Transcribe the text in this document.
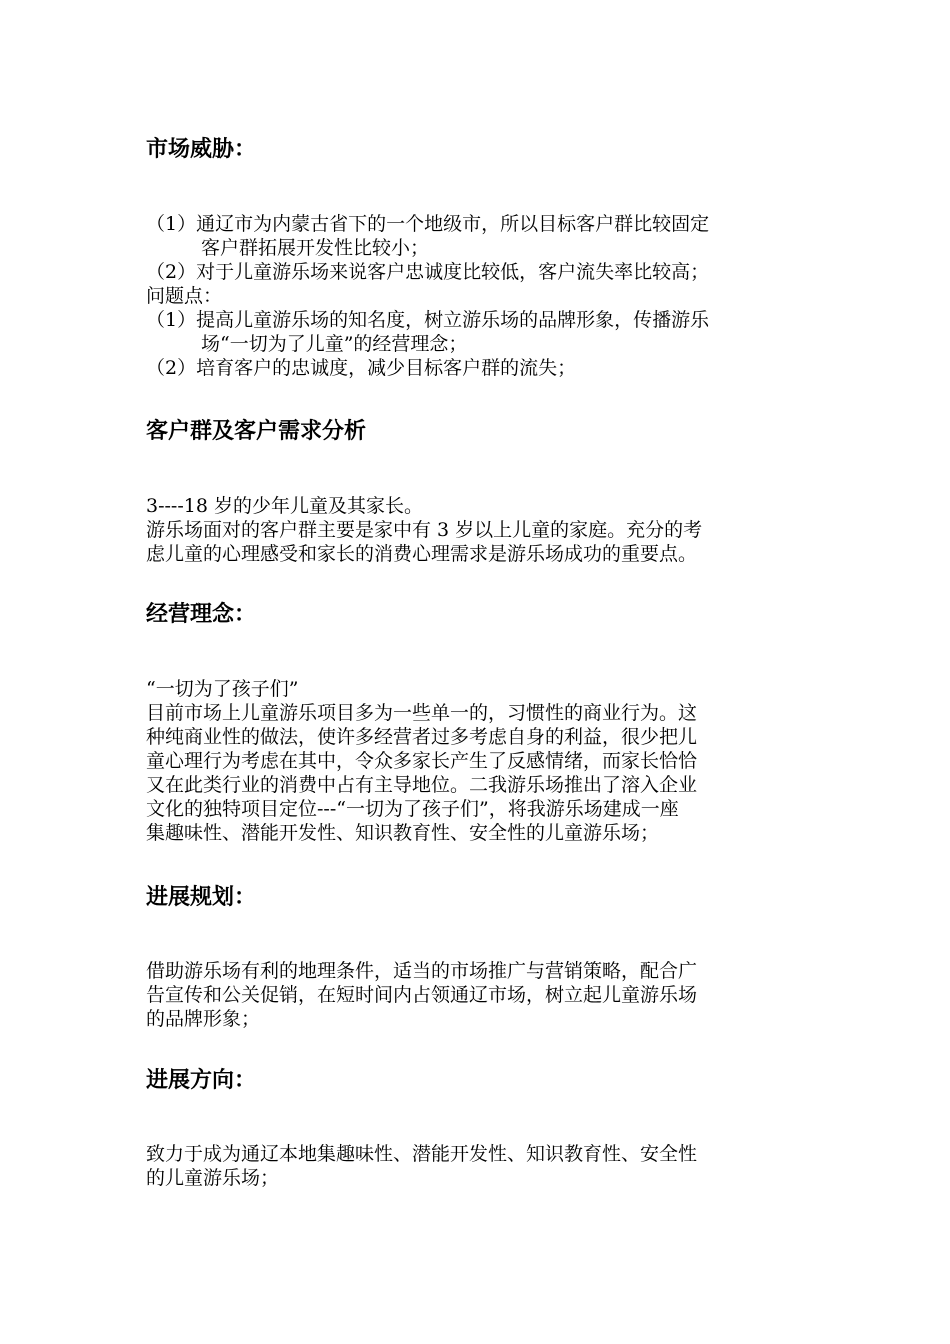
市场威胁：
（1）通辽市为内蒙古省下的一个地级市，所以目标客户群比较固定
客户群拓展开发性比较小；
（2）对于儿童游乐场来说客户忠诚度比较低，客户流失率比较高；
问题点：
（1）提高儿童游乐场的知名度，树立游乐场的品牌形象，传播游乐
场“一切为了儿童”的经营理念；
（2）培育客户的忠诚度，减少目标客户群的流失；
客户群及客户需求分析
3----18 岁的少年儿童及其家长。
游乐场面对的客户群主要是家中有 3 岁以上儿童的家庭。充分的考
虑儿童的心理感受和家长的消费心理需求是游乐场成功的重要点。
经营理念：
“一切为了孩子们”
目前市场上儿童游乐项目多为一些单一的，习惯性的商业行为。这
种纯商业性的做法，使许多经营者过多考虑自身的利益，很少把儿
童心理行为考虑在其中，令众多家长产生了反感情绪，而家长恰恰
又在此类行业的消费中占有主导地位。二我游乐场推出了溶入企业
文化的独特项目定位---“一切为了孩子们”，将我游乐场建成一座
集趣味性、潜能开发性、知识教育性、安全性的儿童游乐场；
进展规划：
借助游乐场有利的地理条件，适当的市场推广与营销策略，配合广
告宣传和公关促销，在短时间内占领通辽市场，树立起儿童游乐场
的品牌形象；
进展方向：
致力于成为通辽本地集趣味性、潜能开发性、知识教育性、安全性
的儿童游乐场；
